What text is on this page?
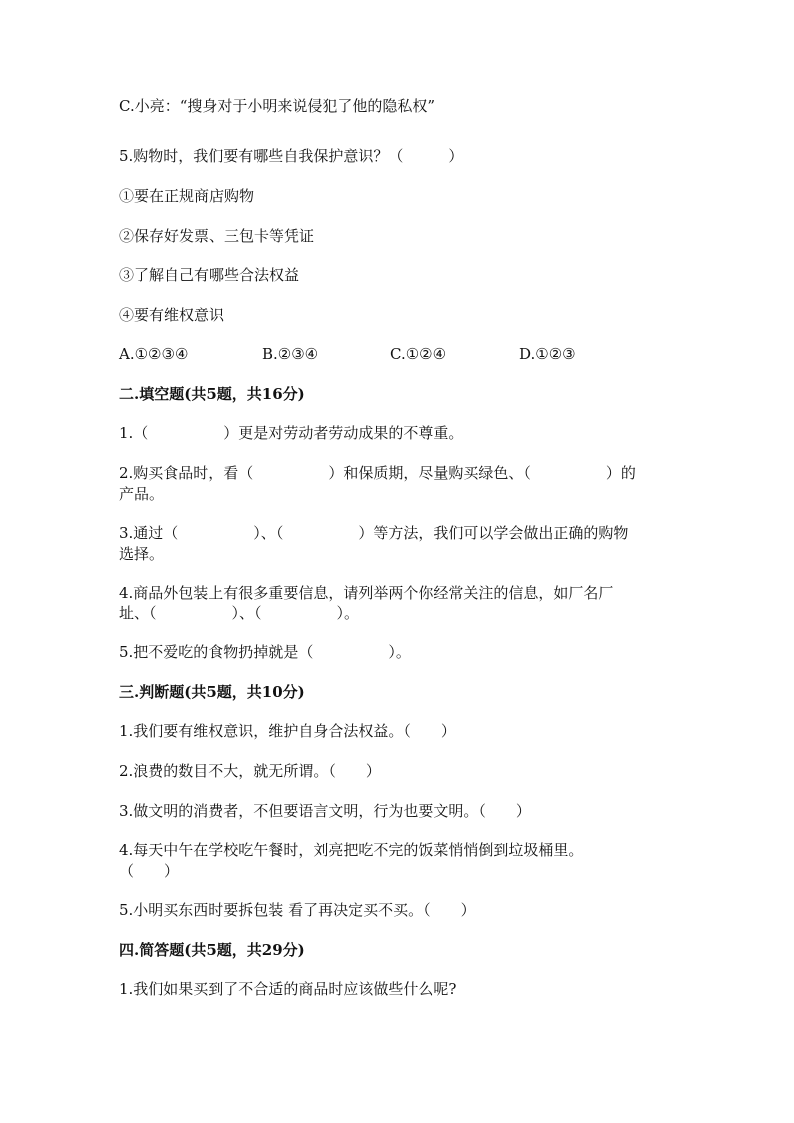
C.小亮：“搜身对于小明来说侵犯了他的隐私权”
5.购物时，我们要有哪些自我保护意识？（　　　）
①要在正规商店购物
②保存好发票、三包卡等凭证
③了解自己有哪些合法权益
④要有维权意识
A.①②③④	B.②③④	C.①②④	D.①②③
二.填空题(共5题，共16分)
1.（　　　　　）更是对劳动者劳动成果的不尊重。
2.购买食品时，看（　　　　　）和保质期，尽量购买绿色、（　　　　　）的
产品。
3.通过（　　　　　）、（　　　　　）等方法，我们可以学会做出正确的购物
选择。
4.商品外包装上有很多重要信息，请列举两个你经常关注的信息，如厂名厂
址、（　　　　　）、（　　　　　）。
5.把不爱吃的食物扔掉就是（　　　　　）。
三.判断题(共5题，共10分)
1.我们要有维权意识，维护自身合法权益。（　　）
2.浪费的数目不大，就无所谓。（　　）
3.做文明的消费者，不但要语言文明，行为也要文明。（　　）
4.每天中午在学校吃午餐时，刘亮把吃不完的饭菜悄悄倒到垃圾桶里。
（　　）
5.小明买东西时要拆包装 看了再决定买不买。（　　）
四.简答题(共5题，共29分)
1.我们如果买到了不合适的商品时应该做些什么呢?
